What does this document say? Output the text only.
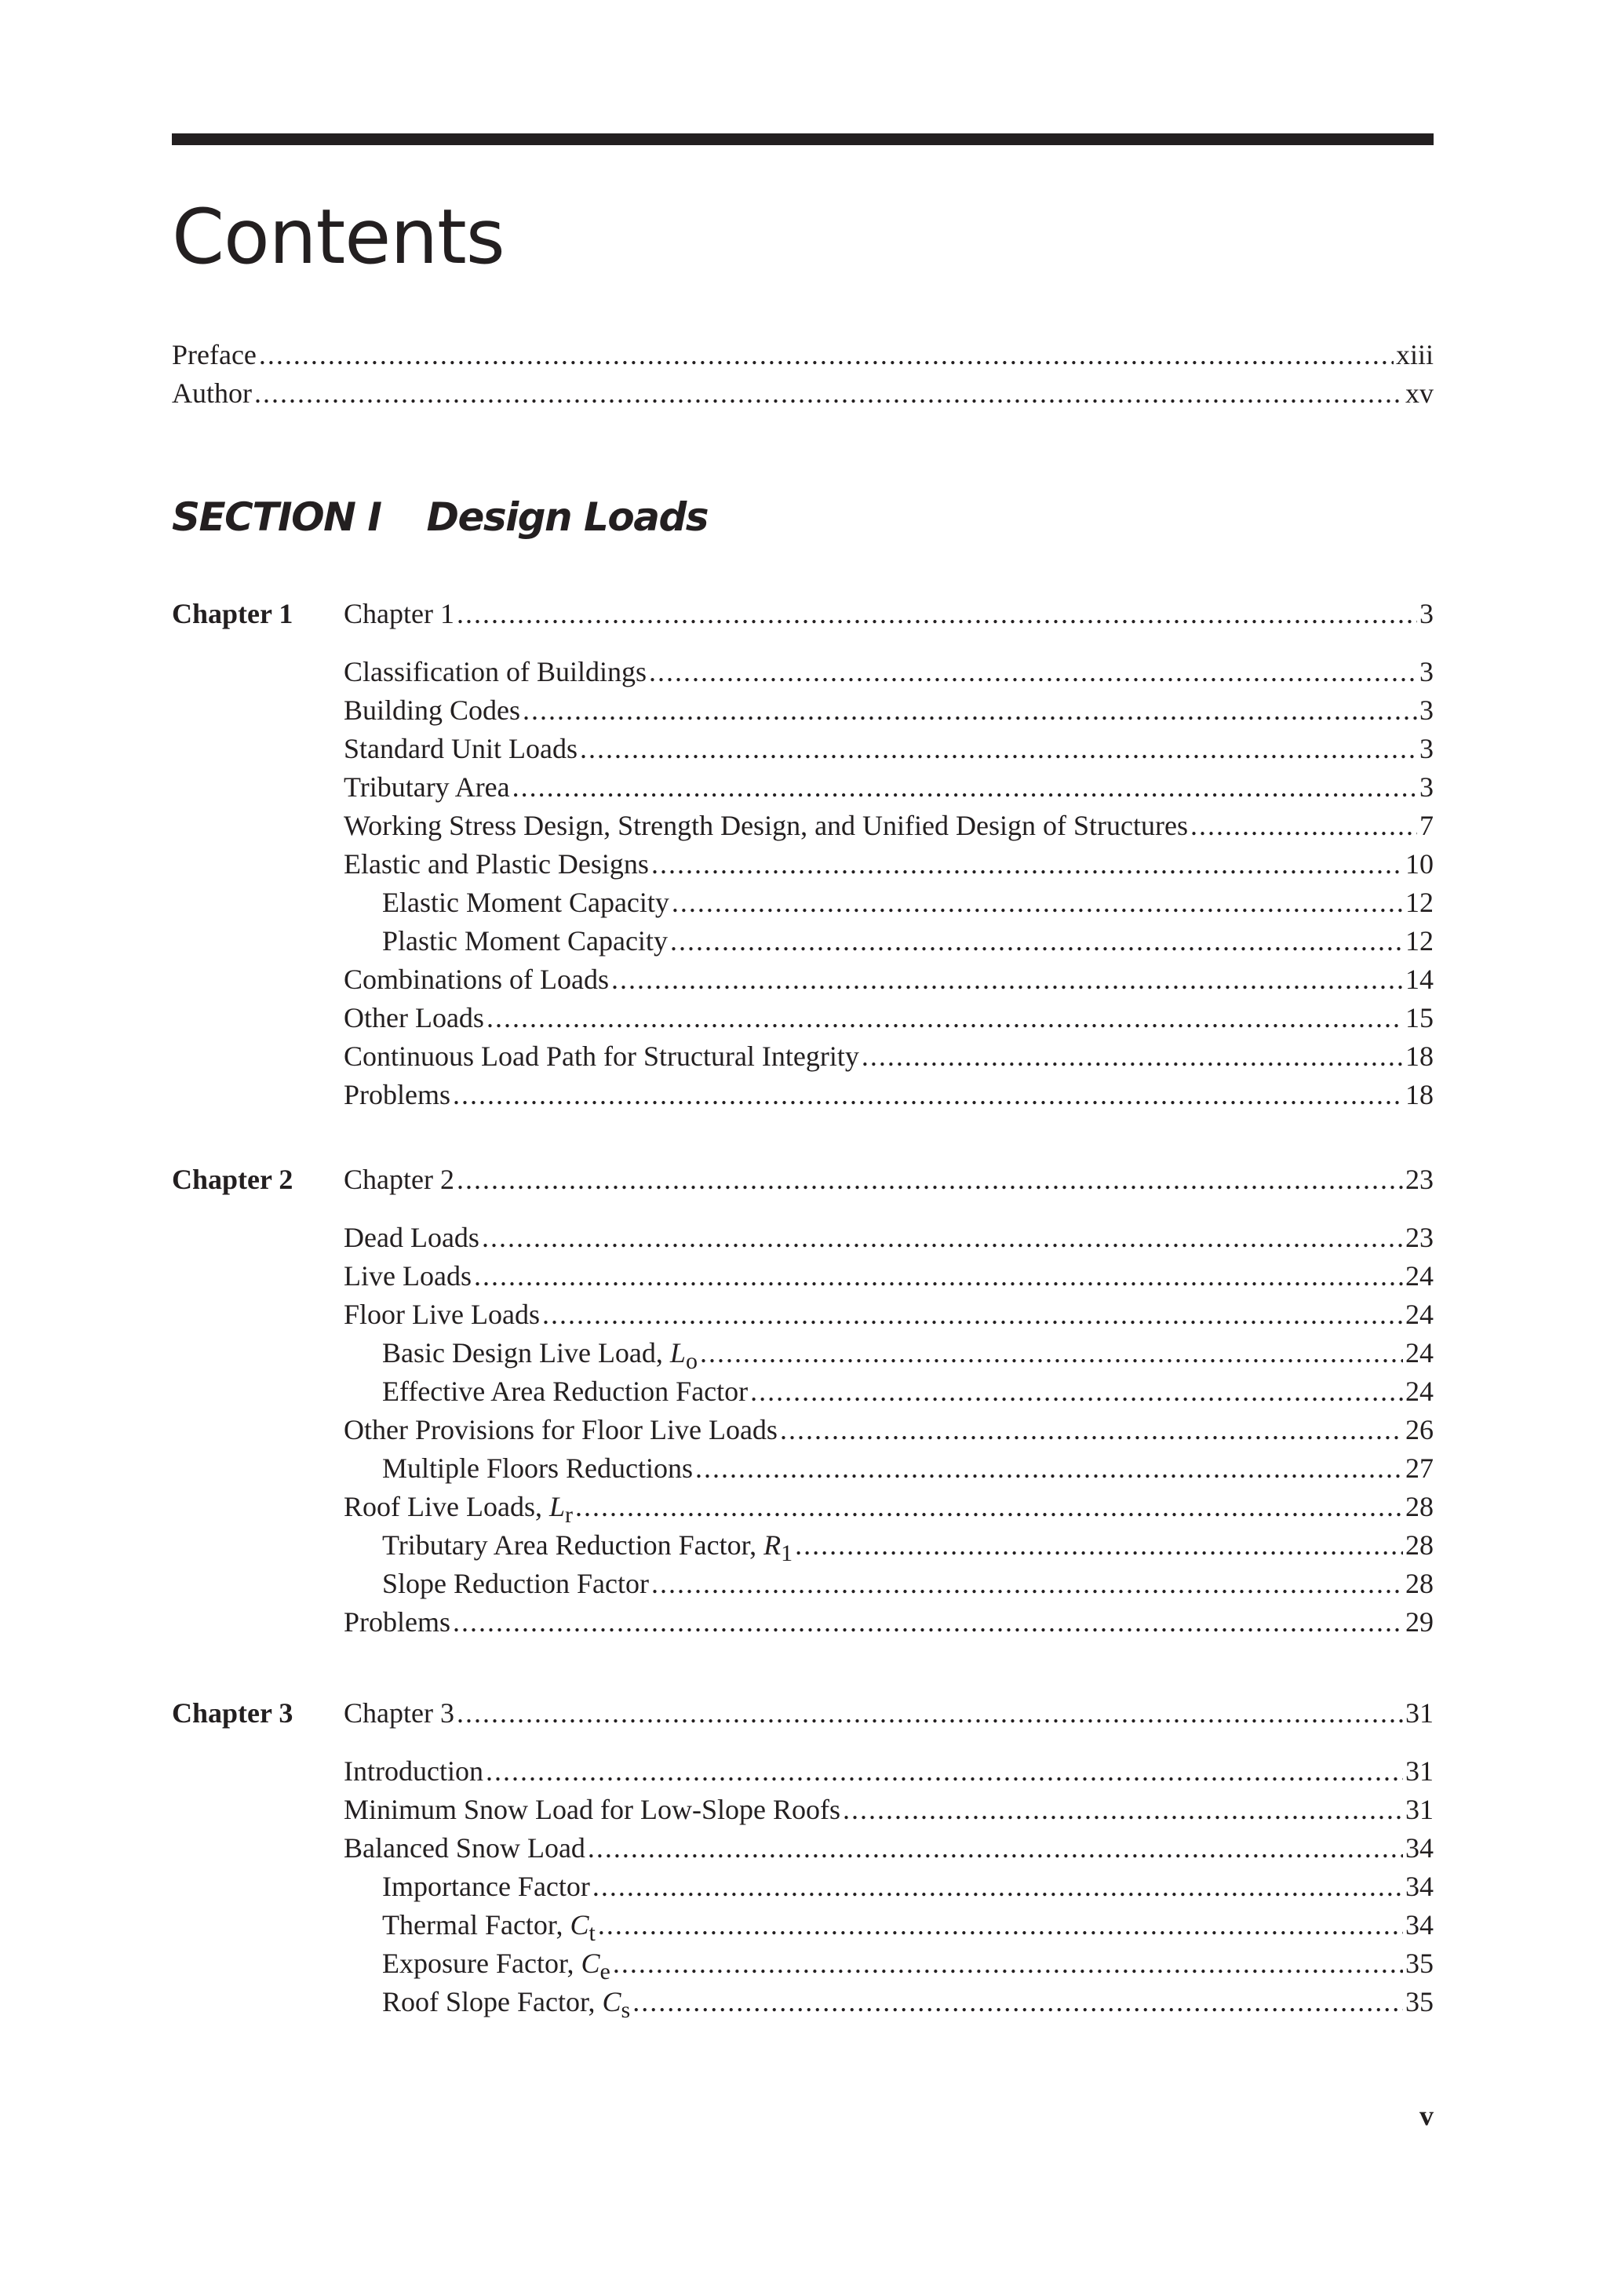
Contents
Preface .....	xiii
Author .....	xv
SECTION I Design Loads
Chapter 1 Chapter 1 .....	3
Classification of Buildings .....	3
Building Codes .....	3
Standard Unit Loads .....	3
Tributary Area .....	3
Working Stress Design, Strength Design, and Unified Design of Structures .....	7
Elastic and Plastic Designs .....	10
Elastic Moment Capacity .....	12
Plastic Moment Capacity .....	12
Combinations of Loads .....	14
Other Loads .....	15
Continuous Load Path for Structural Integrity .....	18
Problems .....	18
Chapter 2 Chapter 2 .....	23
Dead Loads .....	23
Live Loads .....	24
Floor Live Loads .....	24
Basic Design Live Load, $L_o$ .....	24
Effective Area Reduction Factor .....	24
Other Provisions for Floor Live Loads .....	26
Multiple Floors Reductions .....	27
Roof Live Loads, $L_r$ .....	28
Tributary Area Reduction Factor, $R_1$ .....	28
Slope Reduction Factor .....	28
Problems .....	29
Chapter 3 Chapter 3 .....	31
Introduction .....	31
Minimum Snow Load for Low-Slope Roofs .....	31
Balanced Snow Load .....	34
Importance Factor .....	34
Thermal Factor, $C_t$ .....	34
Exposure Factor, $C_e$ .....	35
Roof Slope Factor, $C_s$ .....	35
v
